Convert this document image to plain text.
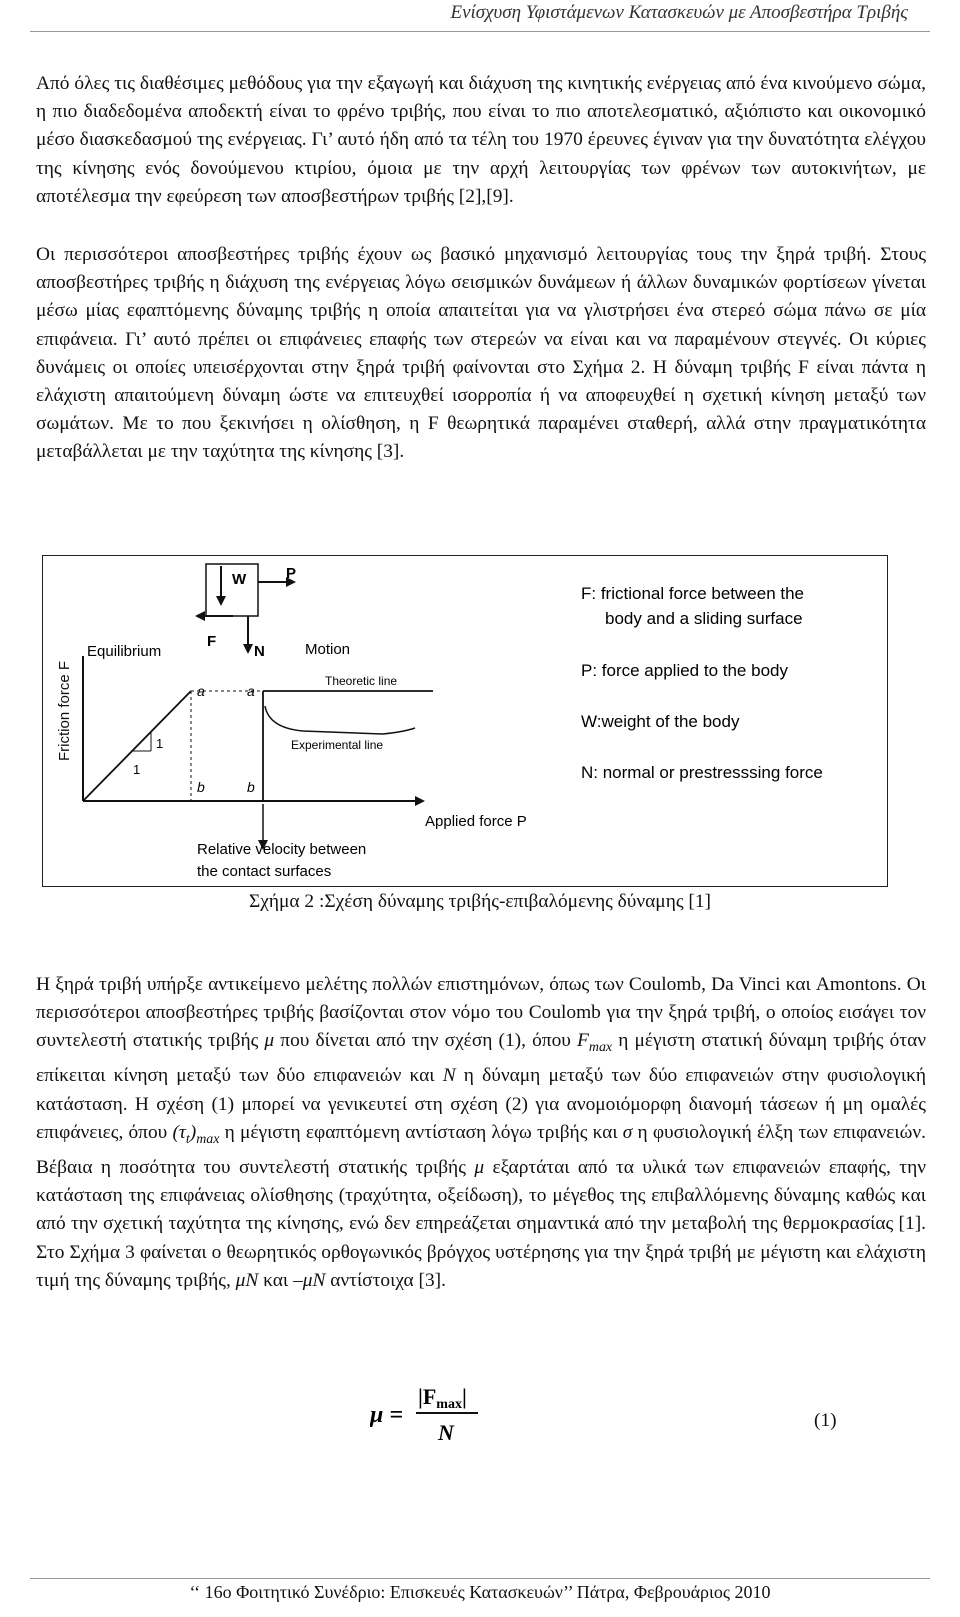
Ενίσχυση Υφιστάμενων Κατασκευών με Αποσβεστήρα Τριβής

Από όλες τις διαθέσιμες μεθόδους για την εξαγωγή και διάχυση της κινητικής ενέργειας από ένα κινούμενο σώμα, η πιο διαδεδομένα αποδεκτή είναι το φρένο τριβής, που είναι το πιο αποτελεσματικό, αξιόπιστο και οικονομικό μέσο διασκεδασμού της ενέργειας. Γι’ αυτό ήδη από τα τέλη του 1970 έρευνες έγιναν για την δυνατότητα ελέγχου της κίνησης ενός δονούμενου κτιρίου, όμοια με την αρχή λειτουργίας των φρένων των αυτοκινήτων, με αποτέλεσμα την εφεύρεση των αποσβεστήρων τριβής [2],[9].

Οι περισσότεροι αποσβεστήρες τριβής έχουν ως βασικό μηχανισμό λειτουργίας τους την ξηρά τριβή. Στους αποσβεστήρες τριβής η διάχυση της ενέργειας λόγω σεισμικών δυνάμεων ή άλλων δυναμικών φορτίσεων γίνεται μέσω μίας εφαπτόμενης δύναμης τριβής η οποία απαιτείται για να γλιστρήσει ένα στερεό σώμα πάνω σε μία επιφάνεια. Γι’ αυτό πρέπει οι επιφάνειες επαφής των στερεών να είναι και να παραμένουν στεγνές. Οι κύριες δυνάμεις οι οποίες υπεισέρχονται στην ξηρά τριβή φαίνονται στο Σχήμα 2. Η δύναμη τριβής F είναι πάντα η ελάχιστη απαιτούμενη δύναμη ώστε να επιτευχθεί ισορροπία ή να αποφευχθεί η σχετική κίνηση μεταξύ των σωμάτων. Με το που ξεκινήσει η ολίσθηση, η F θεωρητικά παραμένει σταθερή, αλλά στην πραγματικότητα μεταβάλλεται με την ταχύτητα της κίνησης [3].

Friction force F
W	P
F
N
Equilibrium	Motion
1
1
a	a
b	b
Theoretic line
Experimental line
Applied force P
Relative velocity between
the contact surfaces
F: frictional force between the
body and a sliding surface
P: force applied to the body
W:weight of the body
N: normal or prestresssing force
Σχήμα 2 :Σχέση δύναμης τριβής-επιβαλόμενης δύναμης [1]

Η ξηρά τριβή υπήρξε αντικείμενο μελέτης πολλών επιστημόνων, όπως των Coulomb, Da Vinci και Amontons. Οι περισσότεροι αποσβεστήρες τριβής βασίζονται στον νόμο του Coulomb για την ξηρά τριβή, ο οποίος εισάγει τον συντελεστή στατικής τριβής μ που δίνεται από την σχέση (1), όπου $F_{max}$ η μέγιστη στατική δύναμη τριβής όταν επίκειται κίνηση μεταξύ των δύο επιφανειών και N η δύναμη μεταξύ των δύο επιφανειών στην φυσιολογική κατάσταση. Η σχέση (1) μπορεί να γενικευτεί στη σχέση (2) για ανομοιόμορφη διανομή τάσεων ή μη ομαλές επιφάνειες, όπου $(\tau_t)_{max}$ η μέγιστη εφαπτόμενη αντίσταση λόγω τριβής και σ η φυσιολογική έλξη των επιφανειών. Βέβαια η ποσότητα του συντελεστή στατικής τριβής μ εξαρτάται από τα υλικά των επιφανειών επαφής, την κατάσταση της επιφάνειας ολίσθησης (τραχύτητα, οξείδωση), το μέγεθος της επιβαλλόμενης δύναμης καθώς και από την σχετική ταχύτητα της κίνησης, ενώ δεν επηρεάζεται σημαντικά από την μεταβολή της θερμοκρασίας [1]. Στο Σχήμα 3 φαίνεται ο θεωρητικός ορθογωνικός βρόγχος υστέρησης για την ξηρά τριβή με μέγιστη και ελάχιστη τιμή της δύναμης τριβής, μN και –μN αντίστοιχα [3].

μ =
|Fmax|
N	(1)
‘‘ 16ο Φοιτητικό Συνέδριο: Επισκευές Κατασκευών’’ Πάτρα, Φεβρουάριος 2010
